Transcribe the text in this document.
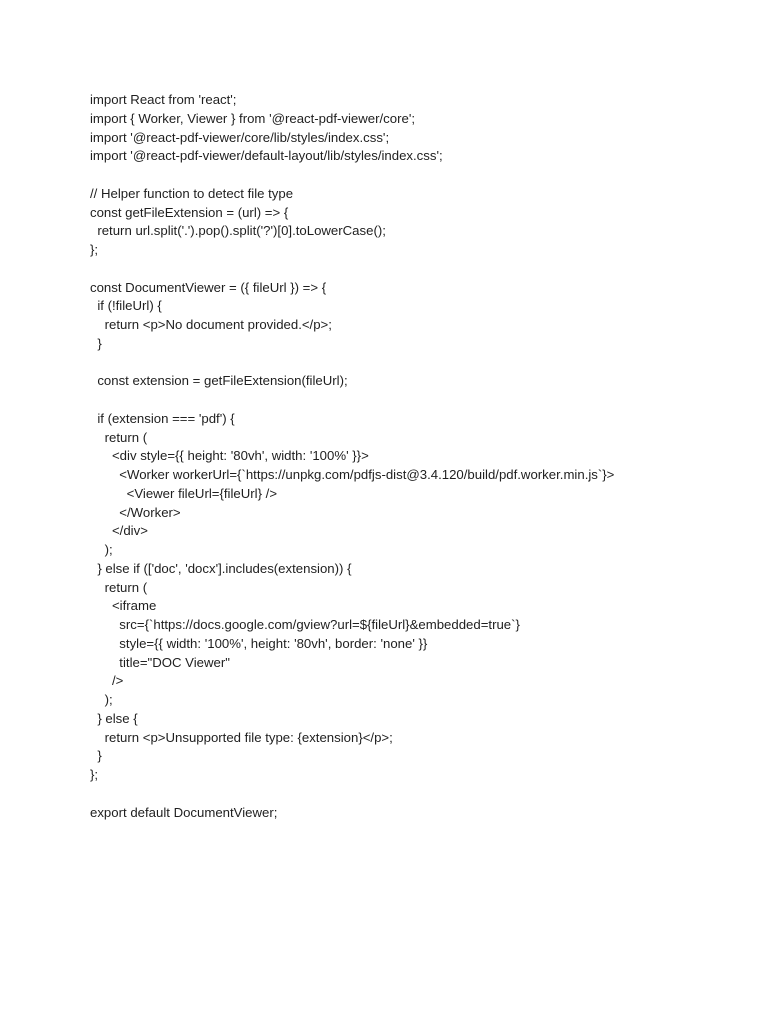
import React from 'react';
import { Worker, Viewer } from '@react-pdf-viewer/core';
import '@react-pdf-viewer/core/lib/styles/index.css';
import '@react-pdf-viewer/default-layout/lib/styles/index.css';
// Helper function to detect file type
const getFileExtension = (url) => {
return url.split('.').pop().split('?')[0].toLowerCase();
};
const DocumentViewer = ({ fileUrl }) => {
if (!fileUrl) {
return <p>No document provided.</p>;
}
const extension = getFileExtension(fileUrl);
if (extension === 'pdf') {
return (
<div style={{ height: '80vh', width: '100%' }}>
<Worker workerUrl={`https://unpkg.com/pdfjs-dist@3.4.120/build/pdf.worker.min.js`}>
<Viewer fileUrl={fileUrl} />
</Worker>
</div>
);
} else if (['doc', 'docx'].includes(extension)) {
return (
<iframe
src={`https://docs.google.com/gview?url=${fileUrl}&embedded=true`}
style={{ width: '100%', height: '80vh', border: 'none' }}
title="DOC Viewer"
/>
);
} else {
return <p>Unsupported file type: {extension}</p>;
}
};
export default DocumentViewer;
